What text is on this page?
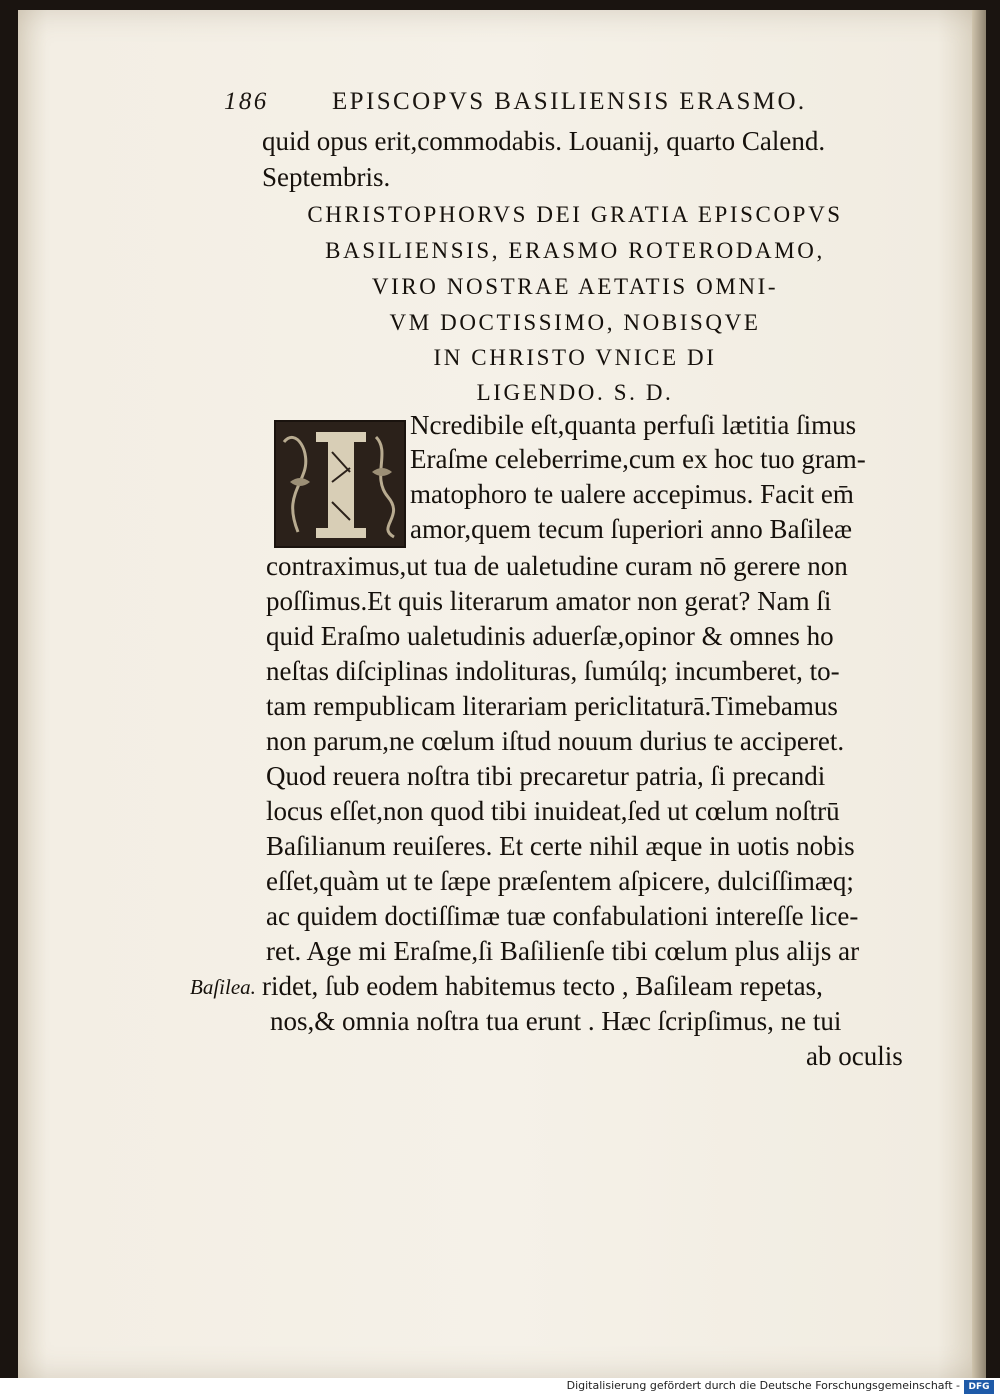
186	EPISCOPVS BASILIENSIS ERASMO.
quid opus erit,commodabis. Louanij, quarto Calend.
Septembris.
CHRISTOPHORVS DEI GRATIA EPISCOPVS
BASILIENSIS, ERASMO ROTERODAMO,
VIRO NOSTRAE AETATIS OMNI-
VM DOCTISSIMO, NOBISQVE
IN CHRISTO VNICE DI
LIGENDO. S. D.
Ncredibile eſt,quanta perfuſi lætitia ſimus
Eraſme celeberrime,cum ex hoc tuo gram-
matophoro te ualere accepimus. Facit em̄
amor,quem tecum ſuperiori anno Baſileæ
contraximus,ut tua de ualetudine curam nō gerere non
poſſimus.Et quis literarum amator non gerat? Nam ſi
quid Eraſmo ualetudinis aduerſæ,opinor & omnes ho
neſtas diſciplinas indolituras, ſumúlq; incumberet, to-
tam rempublicam literariam periclitaturā.Timebamus
non parum,ne cœlum iſtud nouum durius te acciperet.
Quod reuera noſtra tibi precaretur patria, ſi precandi
locus eſſet,non quod tibi inuideat,ſed ut cœlum noſtrū
Baſilianum reuiſeres. Et certe nihil æque in uotis nobis
eſſet,quàm ut te ſæpe præſentem aſpicere, dulciſſimæq;
ac quidem doctiſſimæ tuæ confabulationi intereſſe lice-
ret. Age mi Eraſme,ſi Baſilienſe tibi cœlum plus alijs ar
ridet, ſub eodem habitemus tecto , Baſileam repetas,
nos,& omnia noſtra tua erunt . Hæc ſcripſimus, ne tui
ab oculis
Baſilea.
Digitalisierung gefördert durch die Deutsche Forschungsgemeinschaft - DFG
